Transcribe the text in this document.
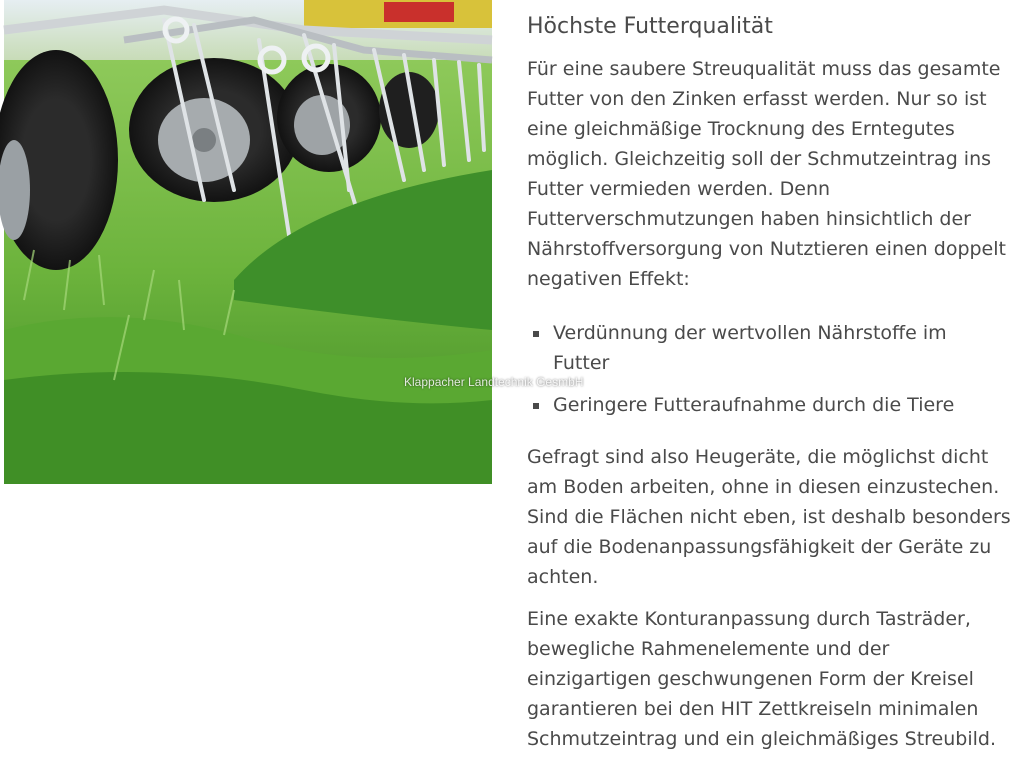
Klappacher Landtechnik GesmbH
Höchste Futterqualität

Für eine saubere Streuqualität muss das gesamte Futter von den Zinken erfasst werden. Nur so ist eine gleichmäßige Trocknung des Erntegutes möglich. Gleichzeitig soll der Schmutzeintrag ins Futter vermieden werden. Denn Futterverschmutzungen haben hinsichtlich der Nährstoffversorgung von Nutztieren einen doppelt negativen Effekt:

Verdünnung der wertvollen Nährstoffe im Futter
Geringere Futteraufnahme durch die Tiere

Gefragt sind also Heugeräte, die möglichst dicht am Boden arbeiten, ohne in diesen einzustechen. Sind die Flächen nicht eben, ist deshalb besonders auf die Bodenanpassungsfähigkeit der Geräte zu achten.

Eine exakte Konturanpassung durch Tasträder, bewegliche Rahmenelemente und der einzigartigen geschwungenen Form der Kreisel garantieren bei den HIT Zettkreiseln minimalen Schmutzeintrag und ein gleichmäßiges Streubild.
